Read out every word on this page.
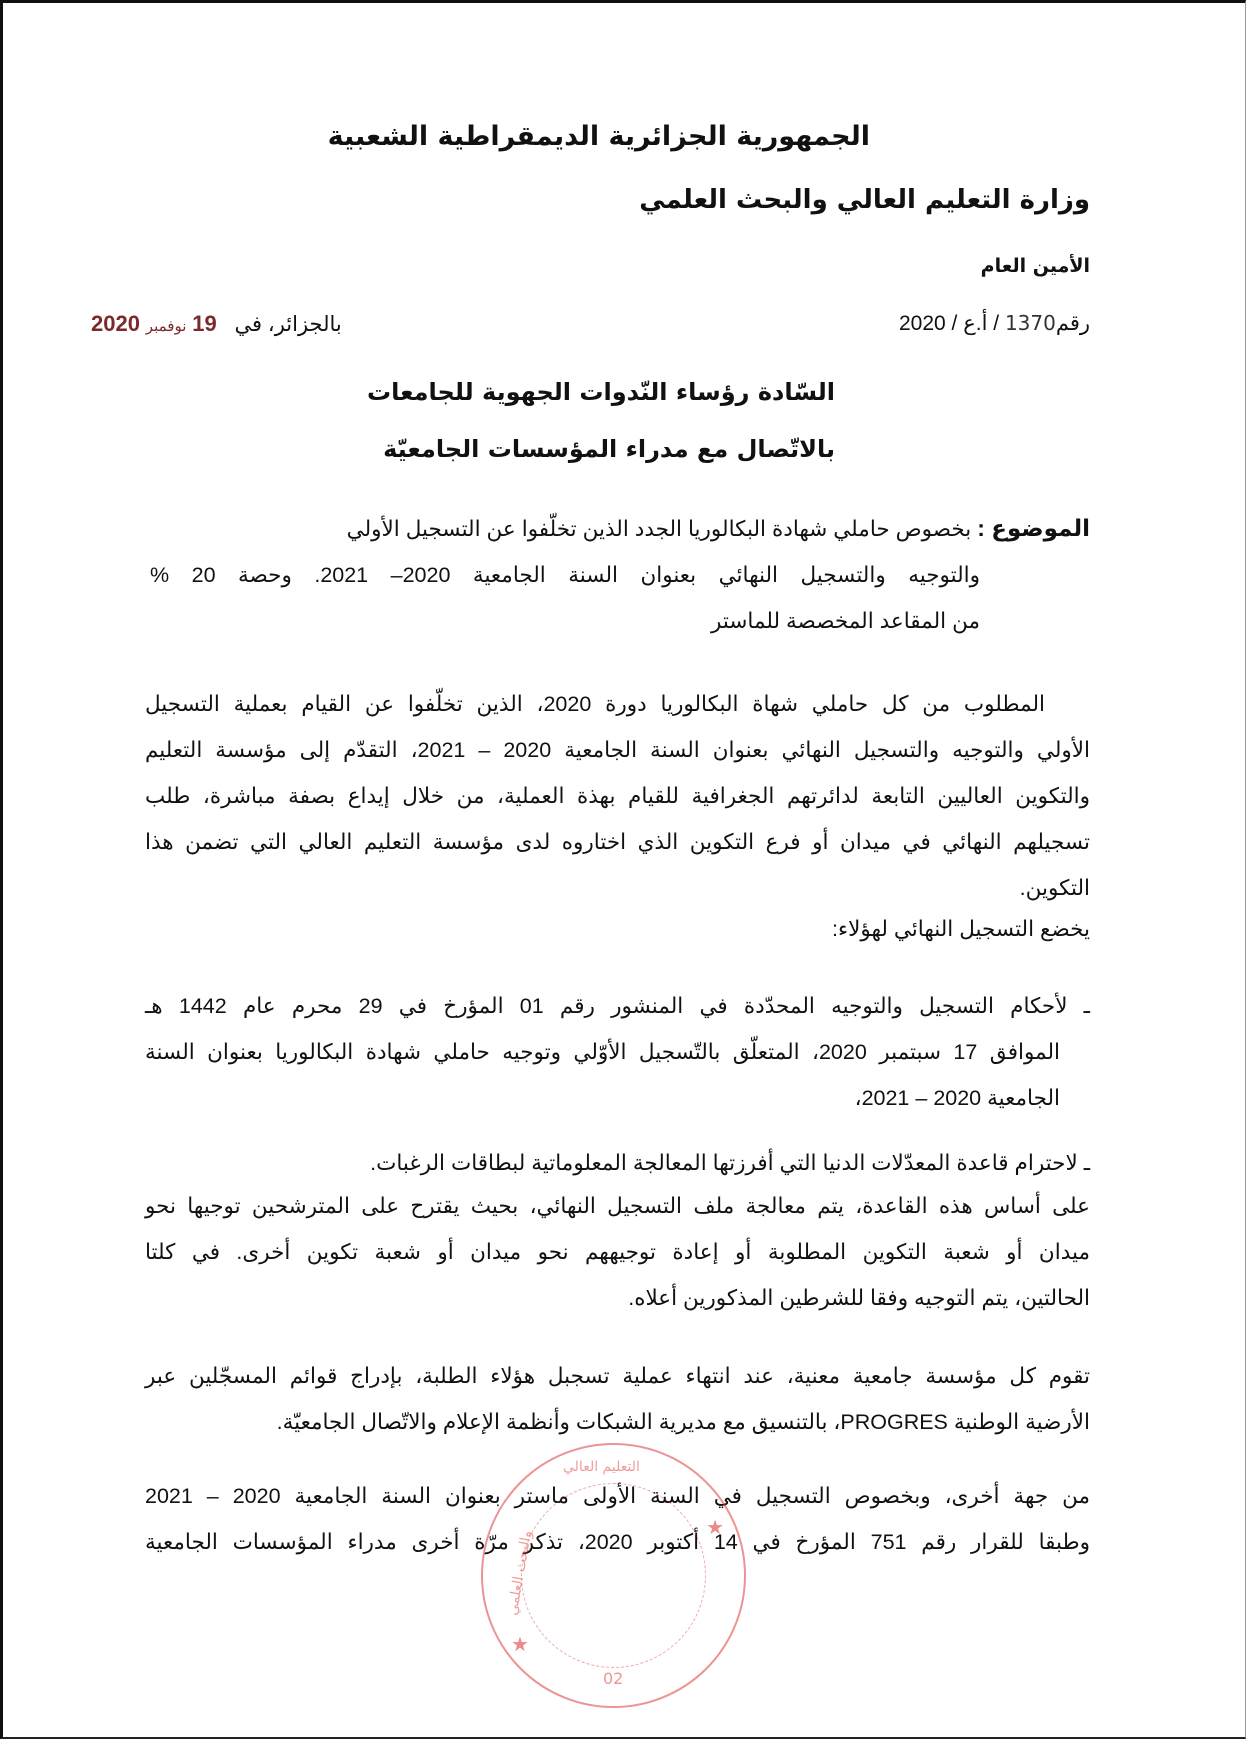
الجمهورية الجزائرية الديمقراطية الشعبية
وزارة التعليم العالي والبحث العلمي
الأمين العام
رقم1370 / أ.ع / 2020
بالجزائر، في 19 نوفمبر 2020
السّادة رؤساء النّدوات الجهوية للجامعات
بالاتّصال مع مدراء المؤسسات الجامعيّة
الموضوع : بخصوص حاملي شهادة البكالوريا الجدد الذين تخلّفوا عن التسجيل الأولي
والتوجيه والتسجيل النهائي بعنوان السنة الجامعية 2020– 2021. وحصة 20 %
من المقاعد المخصصة للماستر
المطلوب من كل حاملي شهاة البكالوريا دورة 2020، الذين تخلّفوا عن القيام بعملية التسجيل
الأولي والتوجيه والتسجيل النهائي بعنوان السنة الجامعية 2020 – 2021، التقدّم إلى مؤسسة التعليم
والتكوين العاليين التابعة لدائرتهم الجغرافية للقيام بهذة العملية، من خلال إيداع بصفة مباشرة، طلب
تسجيلهم النهائي في ميدان أو فرع التكوين الذي اختاروه لدى مؤسسة التعليم العالي التي تضمن هذا
التكوين.
يخضع التسجيل النهائي لهؤلاء:
ـ لأحكام التسجيل والتوجيه المحدّدة في المنشور رقم 01 المؤرخ في 29 محرم عام 1442 هـ
الموافق 17 سبتمبر 2020، المتعلّق بالتّسجيل الأوّلي وتوجيه حاملي شهادة البكالوريا بعنوان السنة
الجامعية 2020 – 2021،
ـ لاحترام قاعدة المعدّلات الدنيا التي أفرزتها المعالجة المعلوماتية لبطاقات الرغبات.
على أساس هذه القاعدة، يتم معالجة ملف التسجيل النهائي، بحيث يقترح على المترشحين توجيها نحو
ميدان أو شعبة التكوين المطلوبة أو إعادة توجيههم نحو ميدان أو شعبة تكوين أخرى. في كلتا
الحالتين، يتم التوجيه وفقا للشرطين المذكورين أعلاه.
تقوم كل مؤسسة جامعية معنية، عند انتهاء عملية تسجبل هؤلاء الطلبة، بإدراج قوائم المسجّلين عبر
الأرضية الوطنية PROGRES، بالتنسيق مع مديرية الشبكات وأنظمة الإعلام والاتّصال الجامعيّة.
من جهة أخرى، وبخصوص التسجيل في السنة الأولى ماستر بعنوان السنة الجامعية 2020 – 2021
وطبقا للقرار رقم 751 المؤرخ في 14 أكتوبر 2020، تذكر مرّة أخرى مدراء المؤسسات الجامعية
التعليم العالي
والبحث العلمي
★
★
02
